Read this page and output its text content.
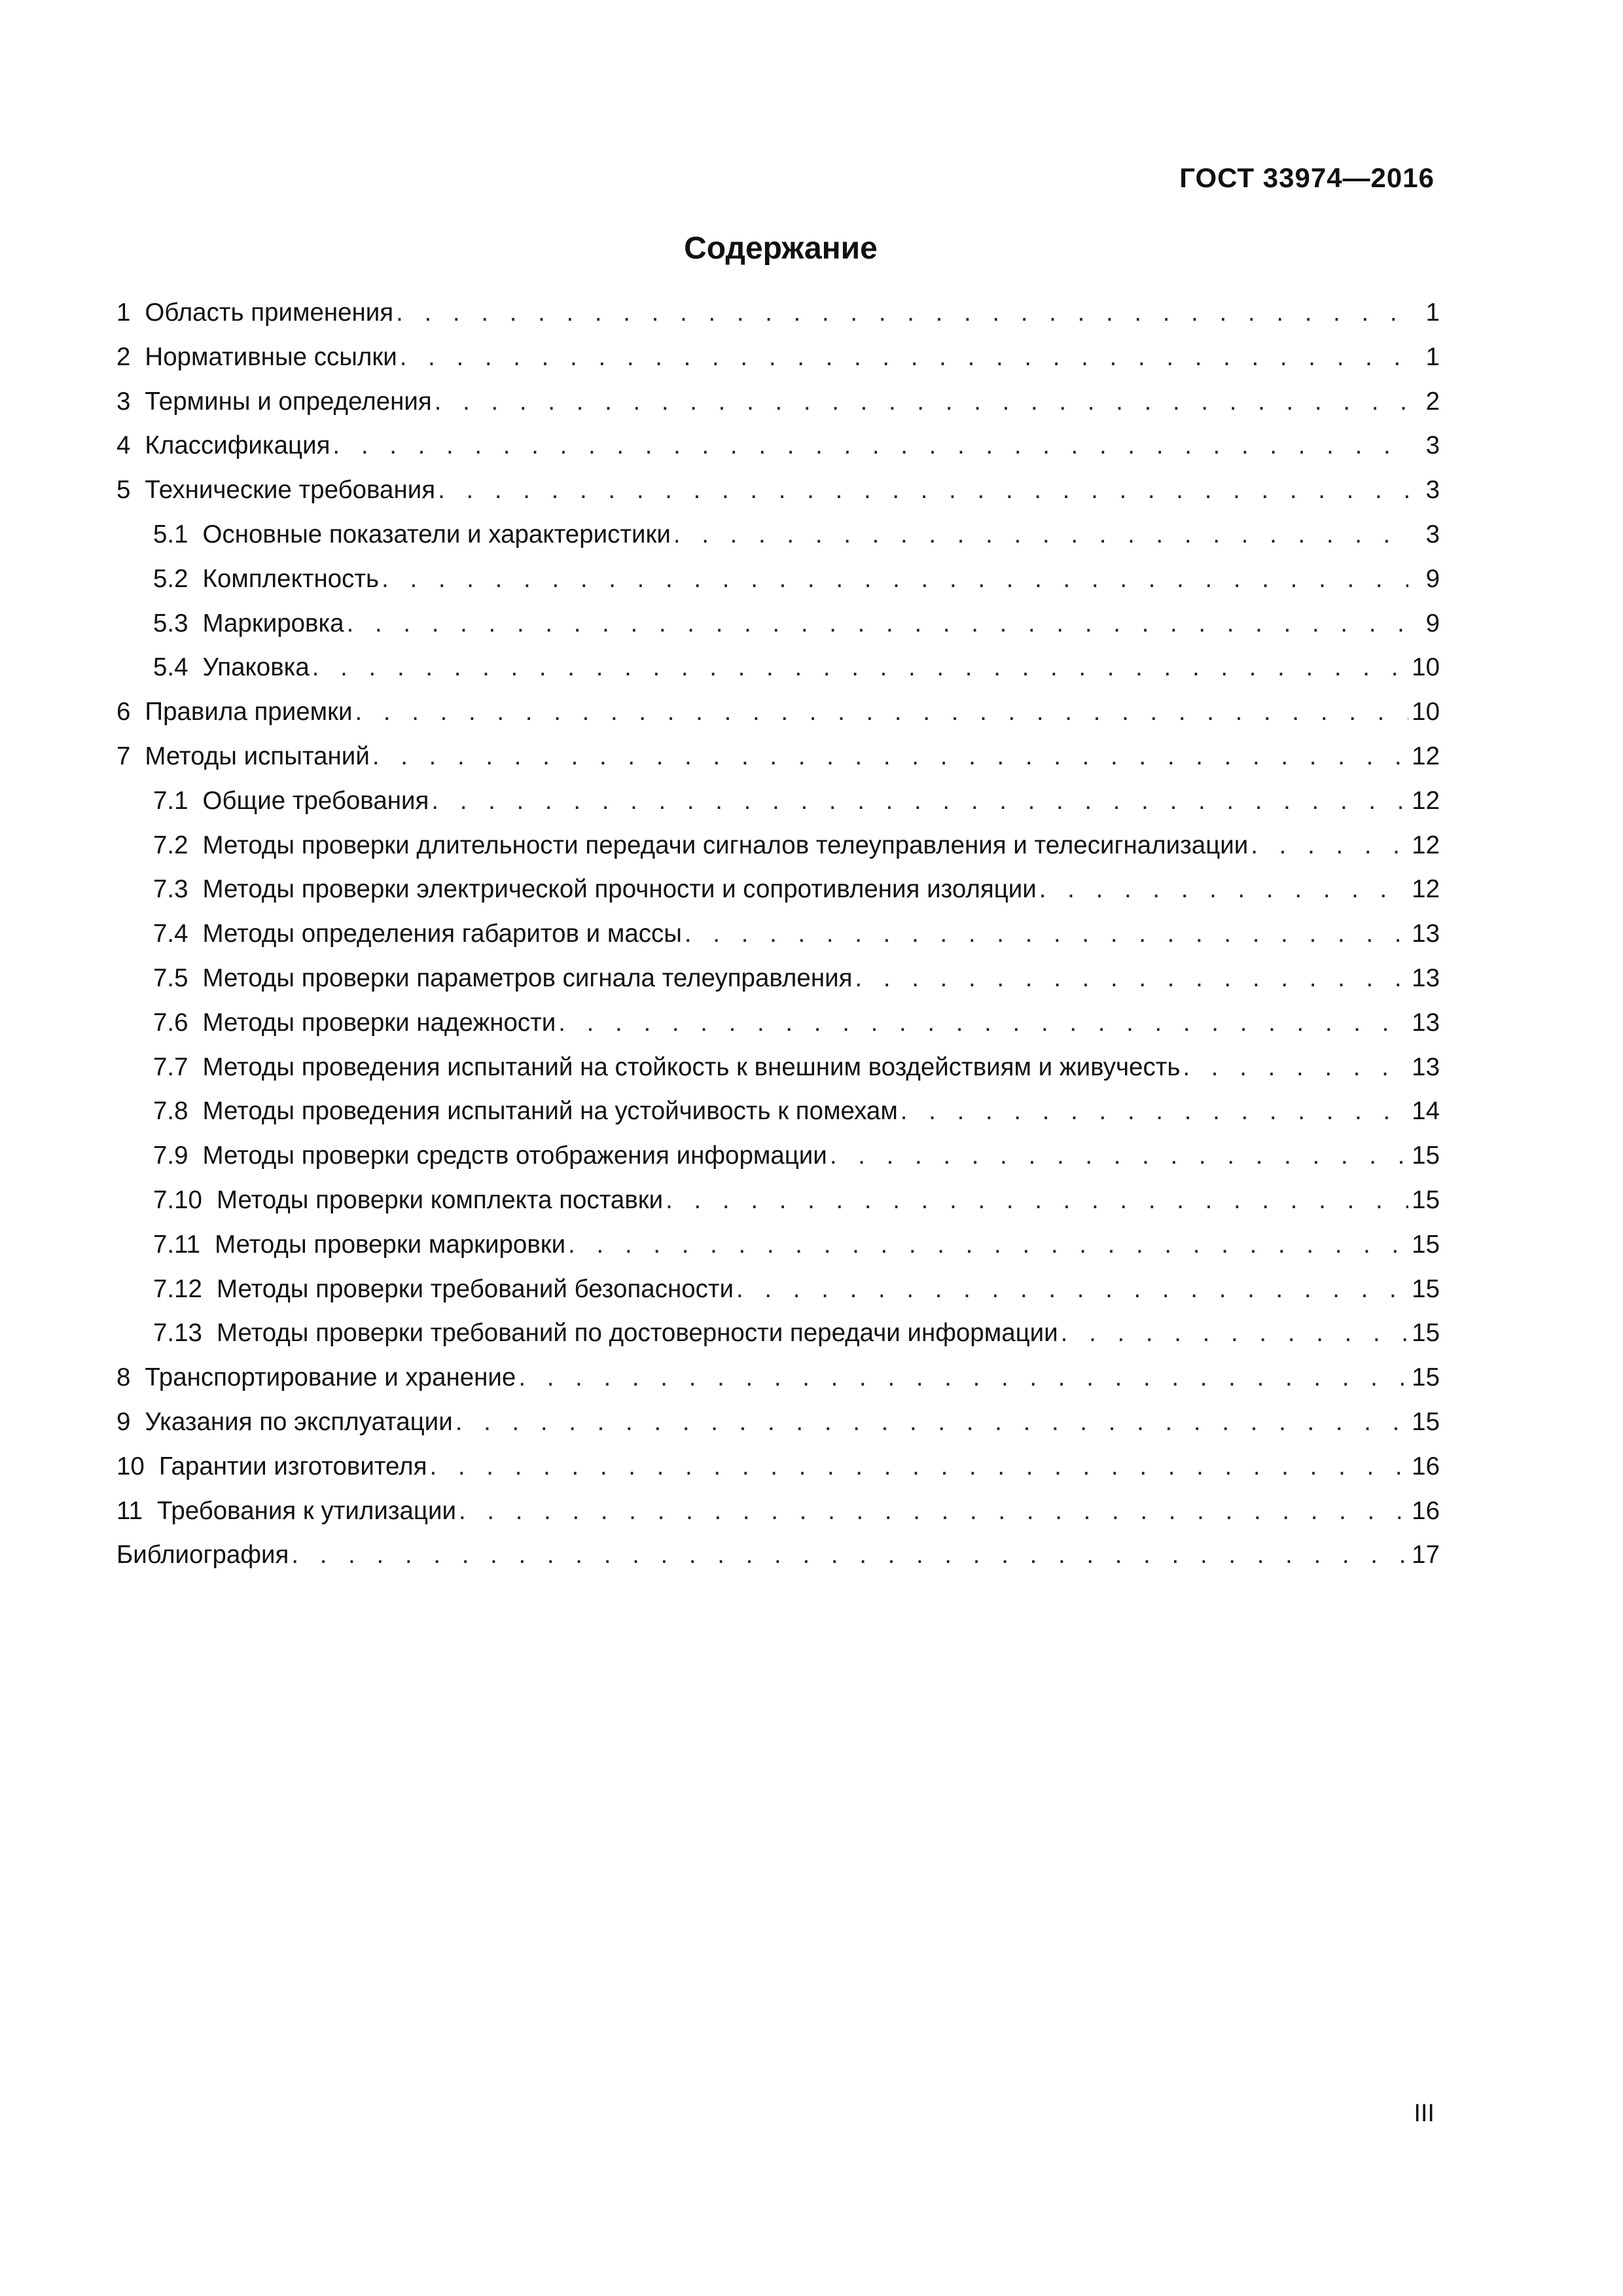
ГОСТ 33974—2016
Содержание
1 Область применения . . .	1
2 Нормативные ссылки . . .	1
3 Термины и определения . . .	2
4 Классификация . . .	3
5 Технические требования . . .	3
5.1 Основные показатели и характеристики . . .	3
5.2 Комплектность . . .	9
5.3 Маркировка . . .	9
5.4 Упаковка . . .	10
6 Правила приемки . . .	10
7 Методы испытаний . . .	12
7.1 Общие требования . . .	12
7.2 Методы проверки длительности передачи сигналов телеуправления и телесигнализации . . .	12
7.3 Методы проверки электрической прочности и сопротивления изоляции . . .	12
7.4 Методы определения габаритов и массы . . .	13
7.5 Методы проверки параметров сигнала телеуправления . . .	13
7.6 Методы проверки надежности . . .	13
7.7 Методы проведения испытаний на стойкость к внешним воздействиям и живучесть . . .	13
7.8 Методы проведения испытаний на устойчивость к помехам . . .	14
7.9 Методы проверки средств отображения информации . . .	15
7.10 Методы проверки комплекта поставки . . .	15
7.11 Методы проверки маркировки . . .	15
7.12 Методы проверки требований безопасности . . .	15
7.13 Методы проверки требований по достоверности передачи информации . . .	15
8 Транспортирование и хранение . . .	15
9 Указания по эксплуатации . . .	15
10 Гарантии изготовителя . . .	16
11 Требования к утилизации . . .	16
Библиография . . .	17
III
